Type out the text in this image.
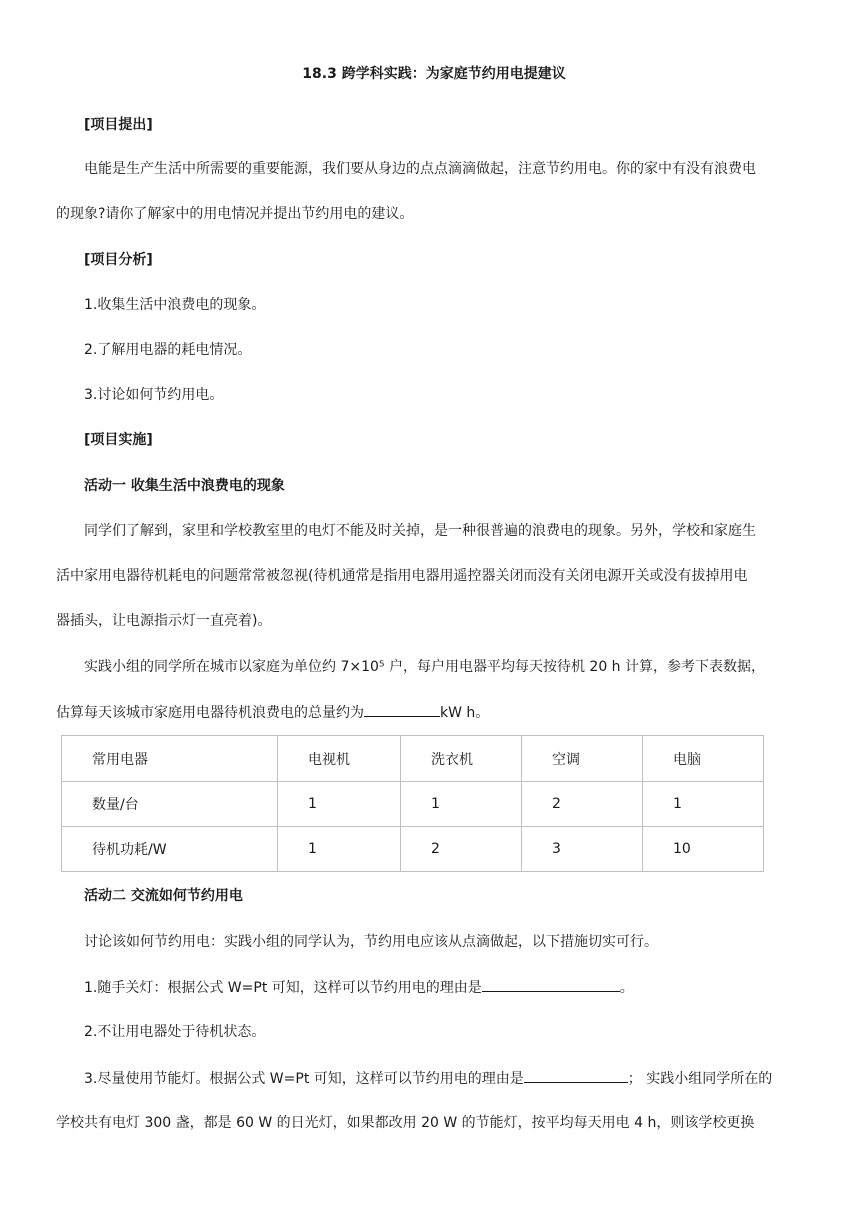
18.3 跨学科实践：为家庭节约用电提建议
[项目提出]
电能是生产生活中所需要的重要能源，我们要从身边的点点滴滴做起，注意节约用电。你的家中有没有浪费电
的现象?请你了解家中的用电情况并提出节约用电的建议。
[项目分析]
1.收集生活中浪费电的现象。
2.了解用电器的耗电情况。
3.讨论如何节约用电。
[项目实施]
活动一 收集生活中浪费电的现象
同学们了解到，家里和学校教室里的电灯不能及时关掉，是一种很普遍的浪费电的现象。另外，学校和家庭生
活中家用电器待机耗电的问题常常被忽视(待机通常是指用电器用遥控器关闭而没有关闭电源开关或没有拔掉用电
器插头，让电源指示灯一直亮着)。
实践小组的同学所在城市以家庭为单位约 7×10⁵ 户，每户用电器平均每天按待机 20 h 计算，参考下表数据，
估算每天该城市家庭用电器待机浪费电的总量约为	kW h。
常用电器	电视机	洗衣机	空调	电脑
数量/台	1	1	2	1
待机功耗/W	1	2	3	10
活动二 交流如何节约用电
讨论该如何节约用电：实践小组的同学认为，节约用电应该从点滴做起，以下措施切实可行。
1.随手关灯：根据公式 W=Pt 可知，这样可以节约用电的理由是	。
2.不让用电器处于待机状态。
3.尽量使用节能灯。根据公式 W=Pt 可知，这样可以节约用电的理由是	； 实践小组同学所在的
学校共有电灯 300 盏，都是 60 W 的日光灯，如果都改用 20 W 的节能灯，按平均每天用电 4 h，则该学校更换
